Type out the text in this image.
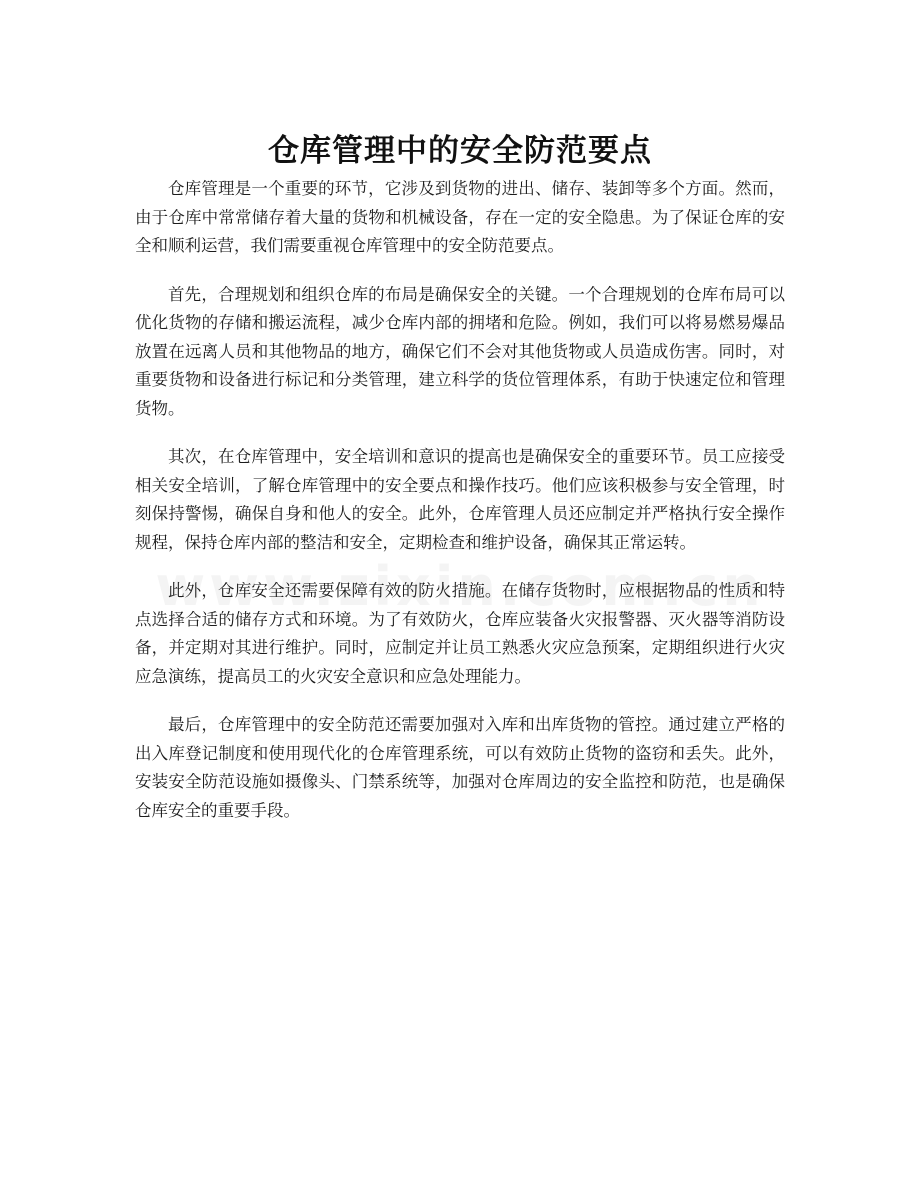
仓库管理中的安全防范要点

仓库管理是一个重要的环节，它涉及到货物的进出、储存、装卸等多个方面。然而，由于仓库中常常储存着大量的货物和机械设备，存在一定的安全隐患。为了保证仓库的安全和顺利运营，我们需要重视仓库管理中的安全防范要点。

首先，合理规划和组织仓库的布局是确保安全的关键。一个合理规划的仓库布局可以优化货物的存储和搬运流程，减少仓库内部的拥堵和危险。例如，我们可以将易燃易爆品放置在远离人员和其他物品的地方，确保它们不会对其他货物或人员造成伤害。同时，对重要货物和设备进行标记和分类管理，建立科学的货位管理体系，有助于快速定位和管理货物。

其次，在仓库管理中，安全培训和意识的提高也是确保安全的重要环节。员工应接受相关安全培训，了解仓库管理中的安全要点和操作技巧。他们应该积极参与安全管理，时刻保持警惕，确保自身和他人的安全。此外，仓库管理人员还应制定并严格执行安全操作规程，保持仓库内部的整洁和安全，定期检查和维护设备，确保其正常运转。

此外，仓库安全还需要保障有效的防火措施。在储存货物时，应根据物品的性质和特点选择合适的储存方式和环境。为了有效防火，仓库应装备火灾报警器、灭火器等消防设备，并定期对其进行维护。同时，应制定并让员工熟悉火灾应急预案，定期组织进行火灾应急演练，提高员工的火灾安全意识和应急处理能力。

最后，仓库管理中的安全防范还需要加强对入库和出库货物的管控。通过建立严格的出入库登记制度和使用现代化的仓库管理系统，可以有效防止货物的盗窃和丢失。此外，安装安全防范设施如摄像头、门禁系统等，加强对仓库周边的安全监控和防范，也是确保仓库安全的重要手段。
